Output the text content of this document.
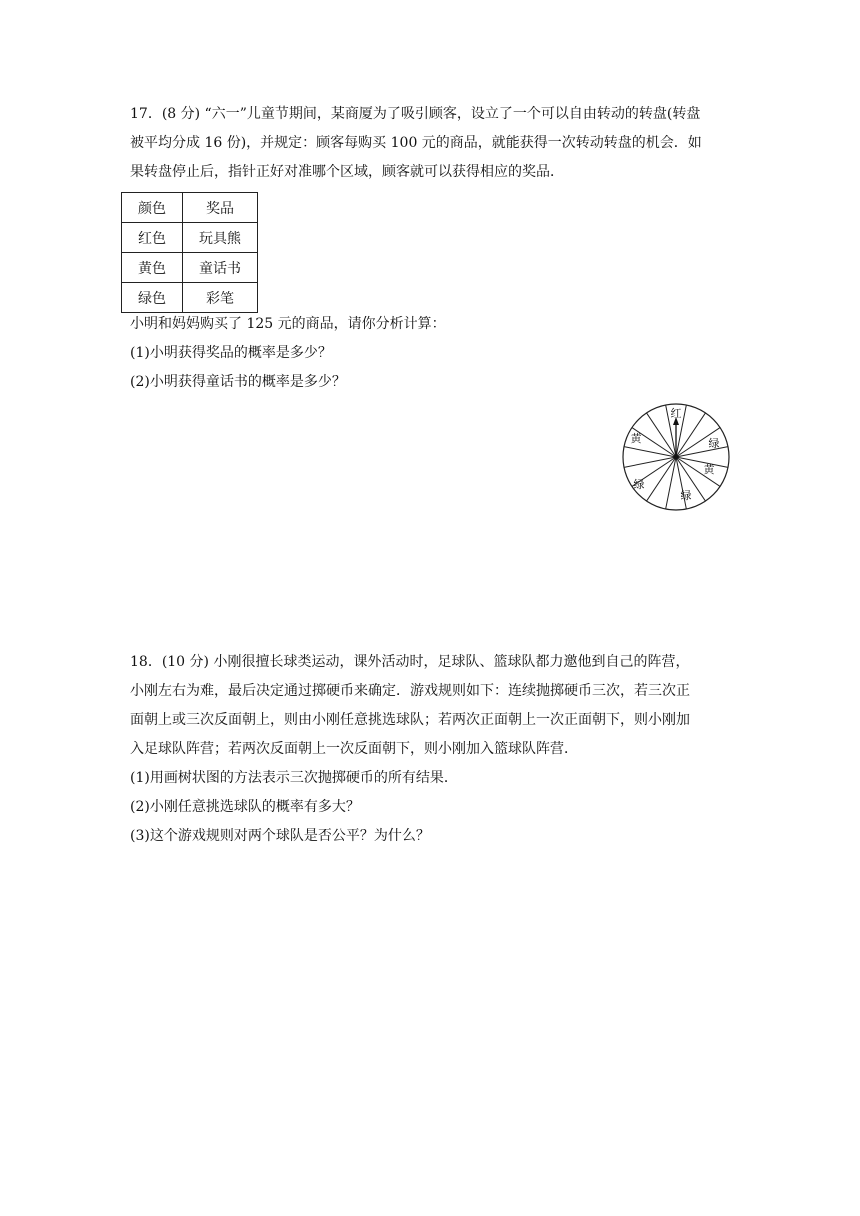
17．(8 分) “六一”儿童节期间，某商厦为了吸引顾客，设立了一个可以自由转动的转盘(转盘
被平均分成 16 份)，并规定：顾客每购买 100 元的商品，就能获得一次转动转盘的机会．如
果转盘停止后，指针正好对准哪个区域，顾客就可以获得相应的奖品．
颜色	奖品
红色	玩具熊
黄色	童话书
绿色	彩笔
小明和妈妈购买了 125 元的商品，请你分析计算：
(1)小明获得奖品的概率是多少？
(2)小明获得童话书的概率是多少？
红
绿
黄
绿
绿
黄
18．(10 分) 小刚很擅长球类运动，课外活动时，足球队、篮球队都力邀他到自己的阵营，
小刚左右为难，最后决定通过掷硬币来确定．游戏规则如下：连续抛掷硬币三次，若三次正
面朝上或三次反面朝上，则由小刚任意挑选球队；若两次正面朝上一次正面朝下，则小刚加
入足球队阵营；若两次反面朝上一次反面朝下，则小刚加入篮球队阵营．
(1)用画树状图的方法表示三次抛掷硬币的所有结果．
(2)小刚任意挑选球队的概率有多大？
(3)这个游戏规则对两个球队是否公平？为什么？
